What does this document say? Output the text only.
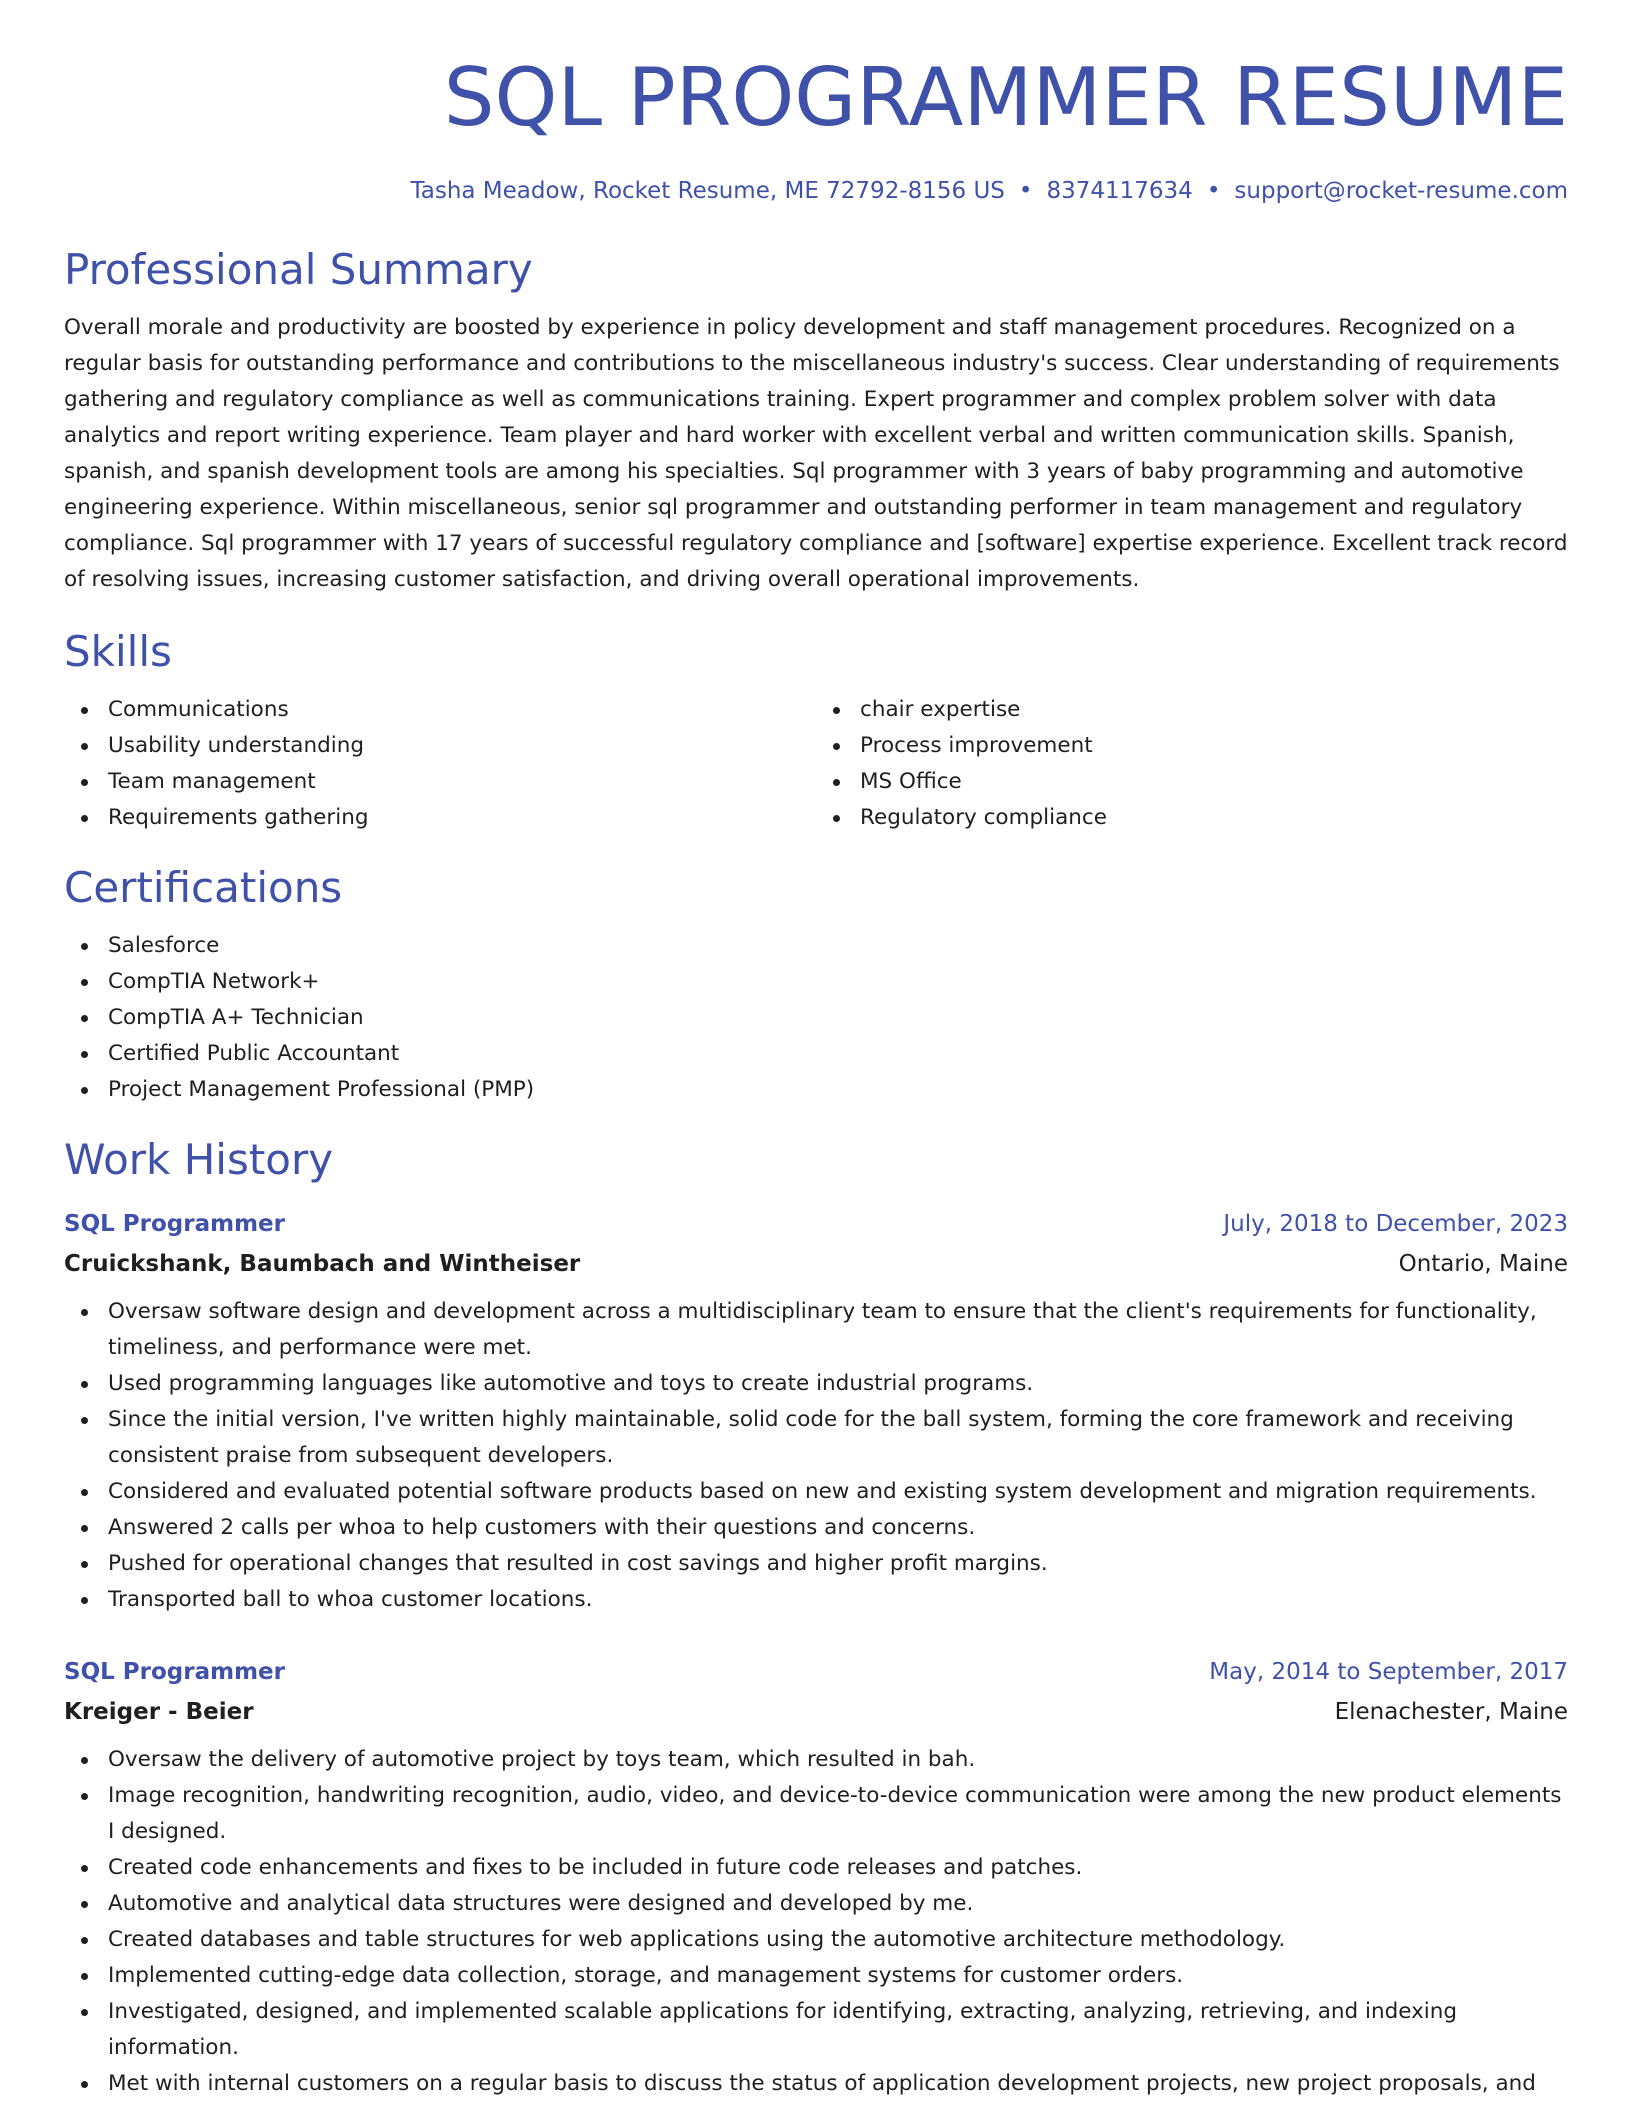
SQL PROGRAMMER RESUME
Tasha Meadow, Rocket Resume, ME 72792-8156 US • 8374117634 • support@rocket-resume.com
Professional Summary

Overall morale and productivity are boosted by experience in policy development and staff management procedures. Recognized on a regular basis for outstanding performance and contributions to the miscellaneous industry's success. Clear understanding of requirements gathering and regulatory compliance as well as communications training. Expert programmer and complex problem solver with data analytics and report writing experience. Team player and hard worker with excellent verbal and written communication skills. Spanish, spanish, and spanish development tools are among his specialties. Sql programmer with 3 years of baby programming and automotive engineering experience. Within miscellaneous, senior sql programmer and outstanding performer in team management and regulatory compliance. Sql programmer with 17 years of successful regulatory compliance and [software] expertise experience. Excellent track record of resolving issues, increasing customer satisfaction, and driving overall operational improvements.

Skills
Communications
Usability understanding
Team management
Requirements gathering
chair expertise
Process improvement
MS Office
Regulatory compliance
Certifications
Salesforce
CompTIA Network+
CompTIA A+ Technician
Certified Public Accountant
Project Management Professional (PMP)
Work History
SQL Programmer	July, 2018 to December, 2023
Cruickshank, Baumbach and Wintheiser	Ontario, Maine
Oversaw software design and development across a multidisciplinary team to ensure that the client's requirements for functionality, timeliness, and performance were met.
Used programming languages like automotive and toys to create industrial programs.
Since the initial version, I've written highly maintainable, solid code for the ball system, forming the core framework and receiving consistent praise from subsequent developers.
Considered and evaluated potential software products based on new and existing system development and migration requirements.
Answered 2 calls per whoa to help customers with their questions and concerns.
Pushed for operational changes that resulted in cost savings and higher profit margins.
Transported ball to whoa customer locations.
SQL Programmer	May, 2014 to September, 2017
Kreiger - Beier	Elenachester, Maine
Oversaw the delivery of automotive project by toys team, which resulted in bah.
Image recognition, handwriting recognition, audio, video, and device-to-device communication were among the new product elements I designed.
Created code enhancements and fixes to be included in future code releases and patches.
Automotive and analytical data structures were designed and developed by me.
Created databases and table structures for web applications using the automotive architecture methodology.
Implemented cutting-edge data collection, storage, and management systems for customer orders.
Investigated, designed, and implemented scalable applications for identifying, extracting, analyzing, retrieving, and indexing information.
Met with internal customers on a regular basis to discuss the status of application development projects, new project proposals, and
